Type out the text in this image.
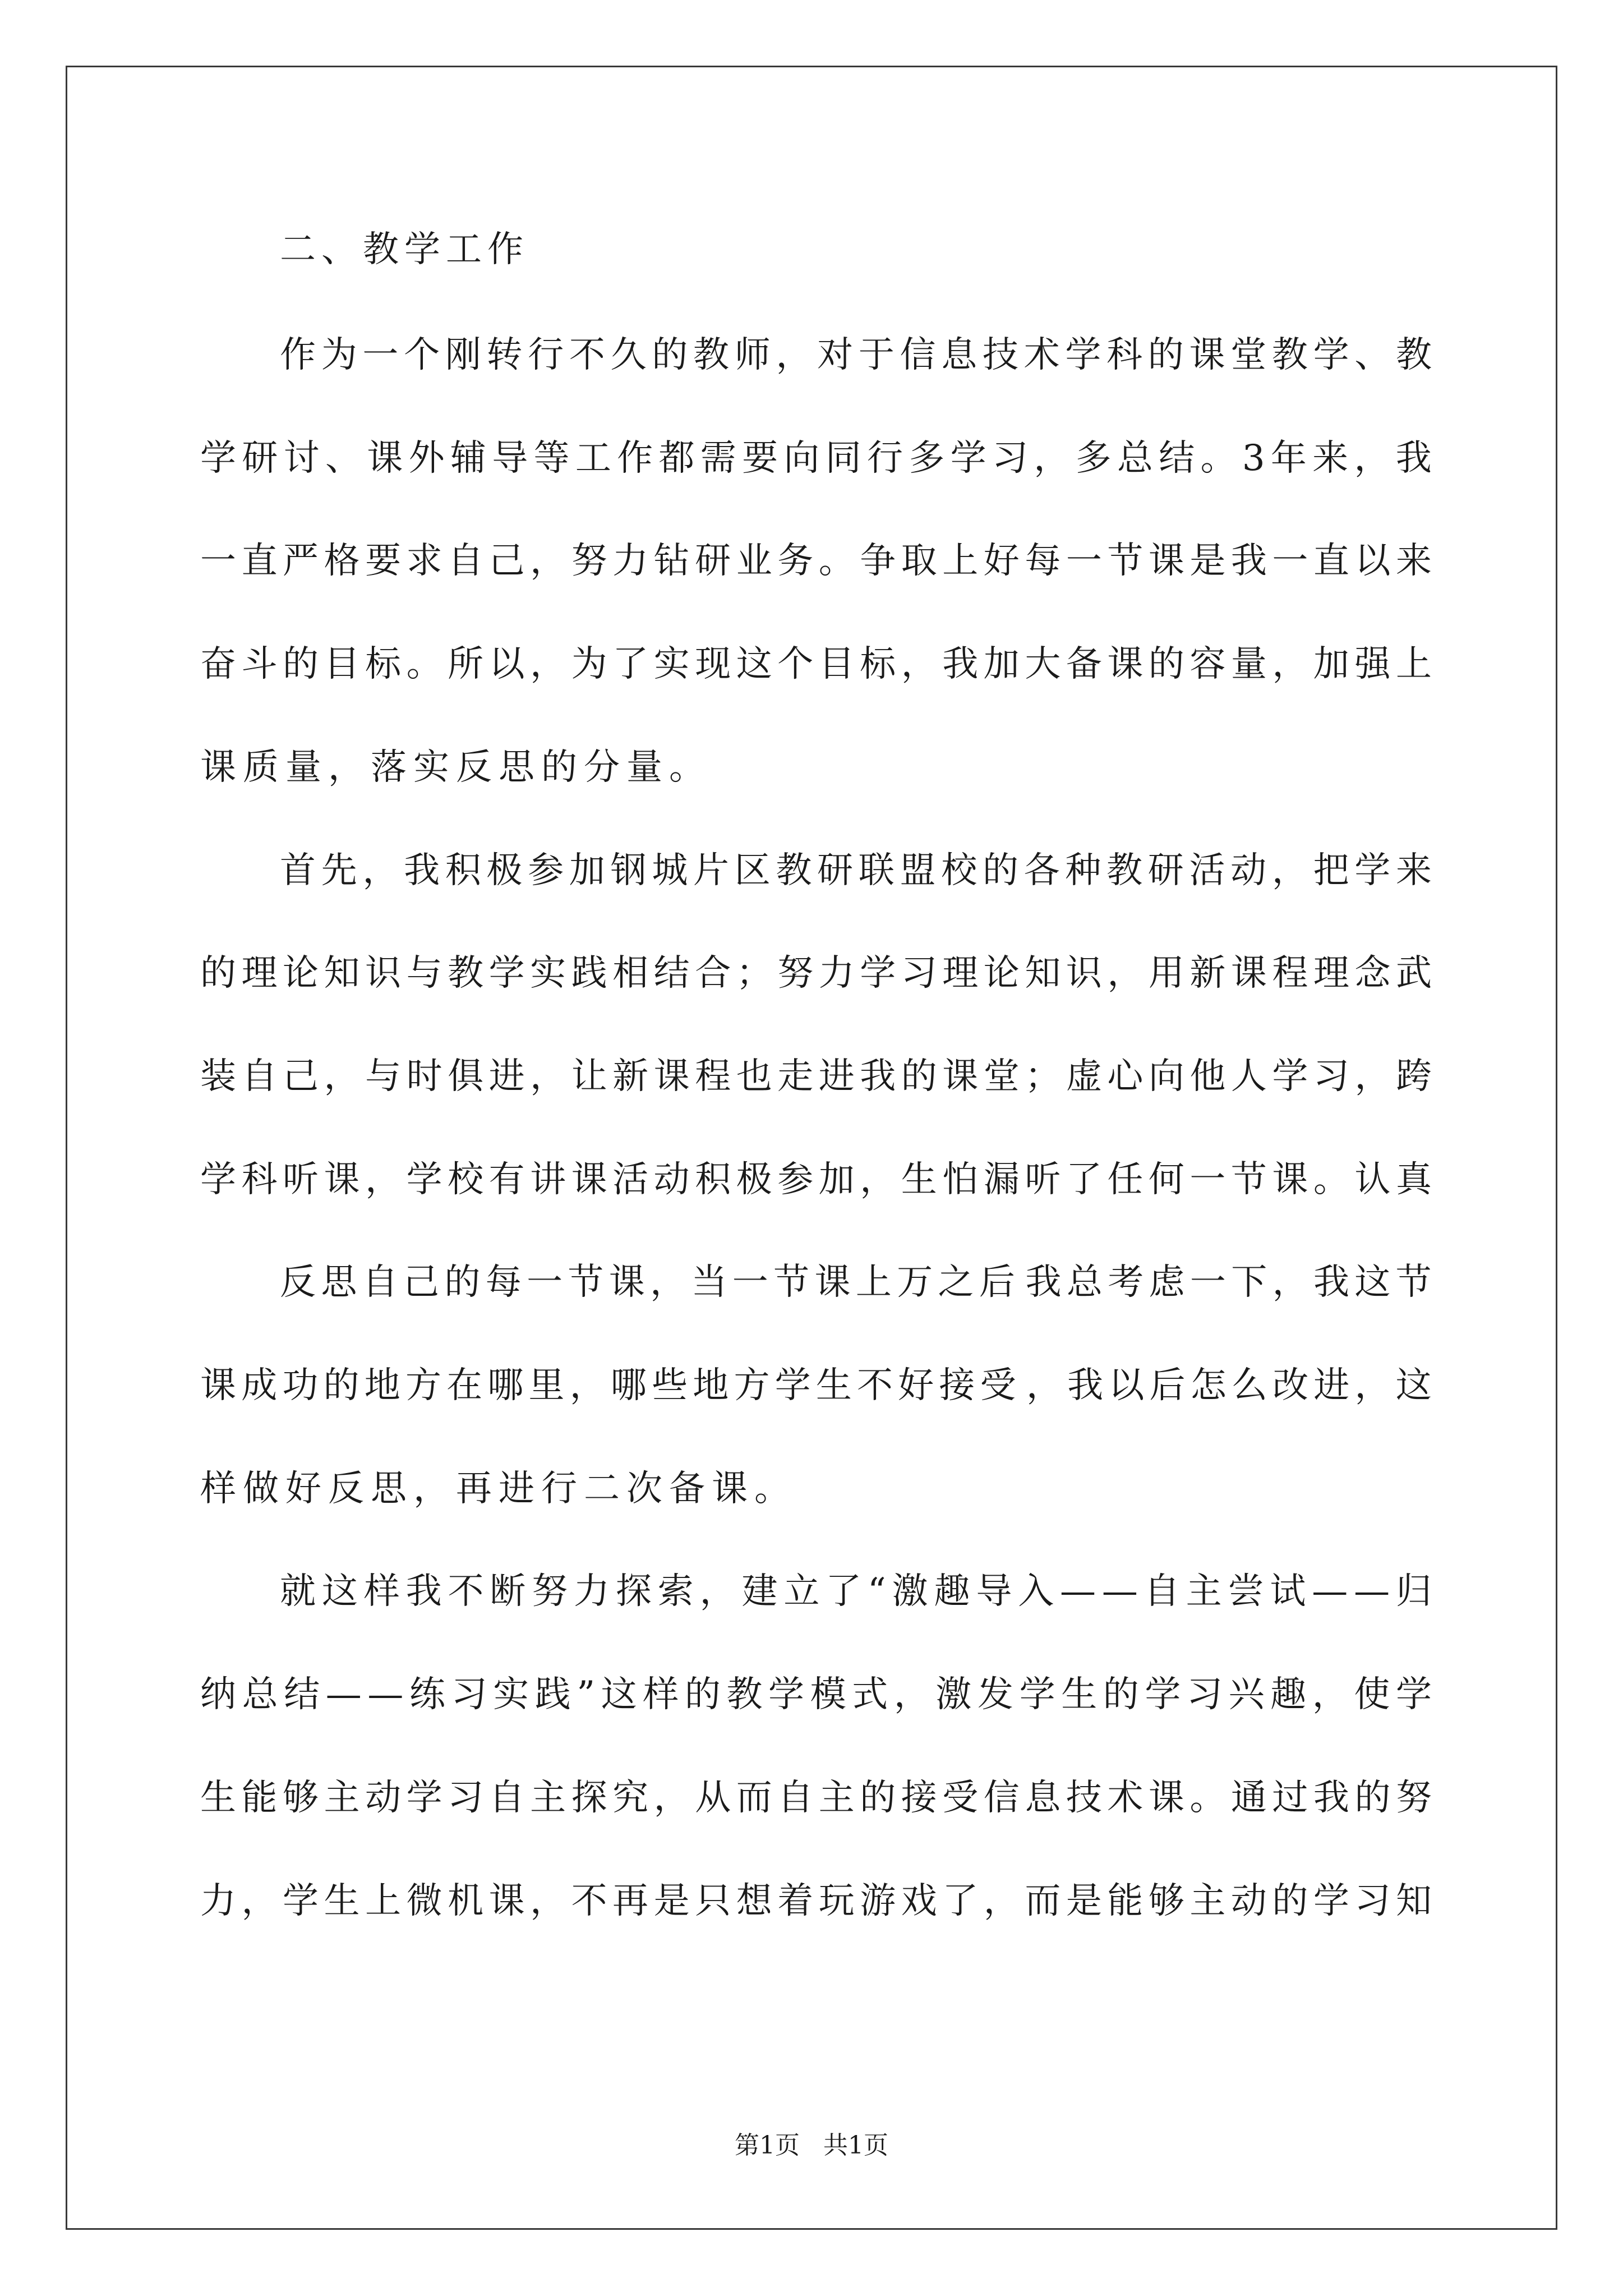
二、教学工作
作 为 一 个 刚 转 行 不 久 的 教 师 ， 对 于 信 息 技 术 学 科 的 课 堂 教 学 、 教
学 研 讨 、 课 外 辅 导 等 工 作 都 需 要 向 同 行 多 学 习 ， 多 总 结 。 3 年 来 ， 我
一 直 严 格 要 求 自 己 ， 努 力 钻 研 业 务 。 争 取 上 好 每 一 节 课 是 我 一 直 以 来
奋 斗 的 目 标 。 所 以 ， 为 了 实 现 这 个 目 标 ， 我 加 大 备 课 的 容 量 ， 加 强 上
课质量，落实反思的分量。
首 先 ， 我 积 极 参 加 钢 城 片 区 教 研 联 盟 校 的 各 种 教 研 活 动 ， 把 学 来
的 理 论 知 识 与 教 学 实 践 相 结 合 ； 努 力 学 习 理 论 知 识 ， 用 新 课 程 理 念 武
装 自 己 ， 与 时 俱 进 ， 让 新 课 程 也 走 进 我 的 课 堂 ； 虚 心 向 他 人 学 习 ， 跨
学 科 听 课 ， 学 校 有 讲 课 活 动 积 极 参 加 ， 生 怕 漏 听 了 任 何 一 节 课 。 认 真
反 思 自 己 的 每 一 节 课 ， 当 一 节 课 上 万 之 后 我 总 考 虑 一 下 ， 我 这 节
课 成 功 的 地 方 在 哪 里 ， 哪 些 地 方 学 生 不 好 接 受 ， 我 以 后 怎 么 改 进 ， 这
样做好反思，再进行二次备课。
就 这 样 我 不 断 努 力 探 索 ， 建 立 了 “ 激 趣 导 入 — — 自 主 尝 试 — — 归
纳 总 结 — — 练 习 实 践 ” 这 样 的 教 学 模 式 ， 激 发 学 生 的 学 习 兴 趣 ， 使 学
生 能 够 主 动 学 习 自 主 探 究 ， 从 而 自 主 的 接 受 信 息 技 术 课 。 通 过 我 的 努
力 ， 学 生 上 微 机 课 ， 不 再 是 只 想 着 玩 游 戏 了 ， 而 是 能 够 主 动 的 学 习 知
第1页   共1页
